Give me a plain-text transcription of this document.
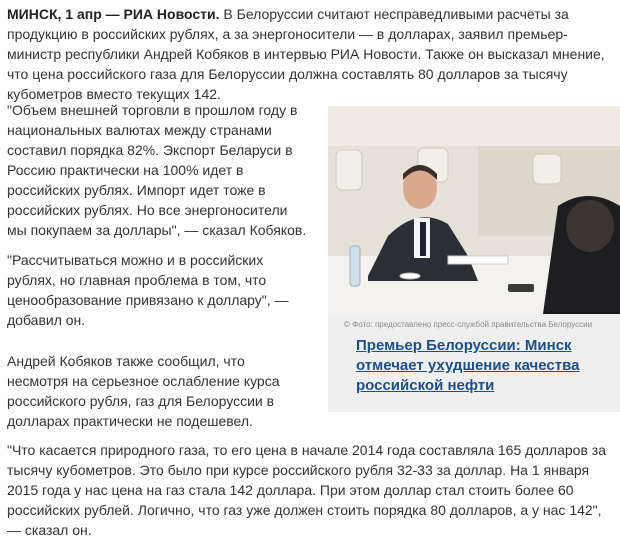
МИНСК, 1 апр — РИА Новости. В Белоруссии считают несправедливыми расчеты за продукцию в российских рублях, а за энергоносители — в долларах, заявил премьер-министр республики Андрей Кобяков в интервью РИА Новости. Также он высказал мнение, что цена российского газа для Белоруссии должна составлять 80 долларов за тысячу кубометров вместо текущих 142.

"Объем внешней торговли в прошлом году в национальных валютах между странами составил порядка 82%. Экспорт Беларуси в Россию практически на 100% идет в российских рублях. Импорт идет тоже в российских рублях. Но все энергоносители мы покупаем за доллары", — сказал Кобяков.

"Рассчитываться можно и в российских рублях, но главная проблема в том, что ценообразование привязано к доллару", — добавил он.

Андрей Кобяков также сообщил, что несмотря на серьезное ослабление курса российского рубля, газ для Белоруссии в долларах практически не подешевел.

© Фото: предоставлено пресс-службой правительства Белоруссии
Премьер Белоруссии: Минск отмечает ухудшение качества российской нефти

"Что касается природного газа, то его цена в начале 2014 года составляла 165 долларов за тысячу кубометров. Это было при курсе российского рубля 32-33 за доллар. На 1 января 2015 года у нас цена на газ стала 142 доллара. При этом доллар стал стоить более 60 российских рублей. Логично, что газ уже должен стоить порядка 80 долларов, а у нас 142", — сказал он.
